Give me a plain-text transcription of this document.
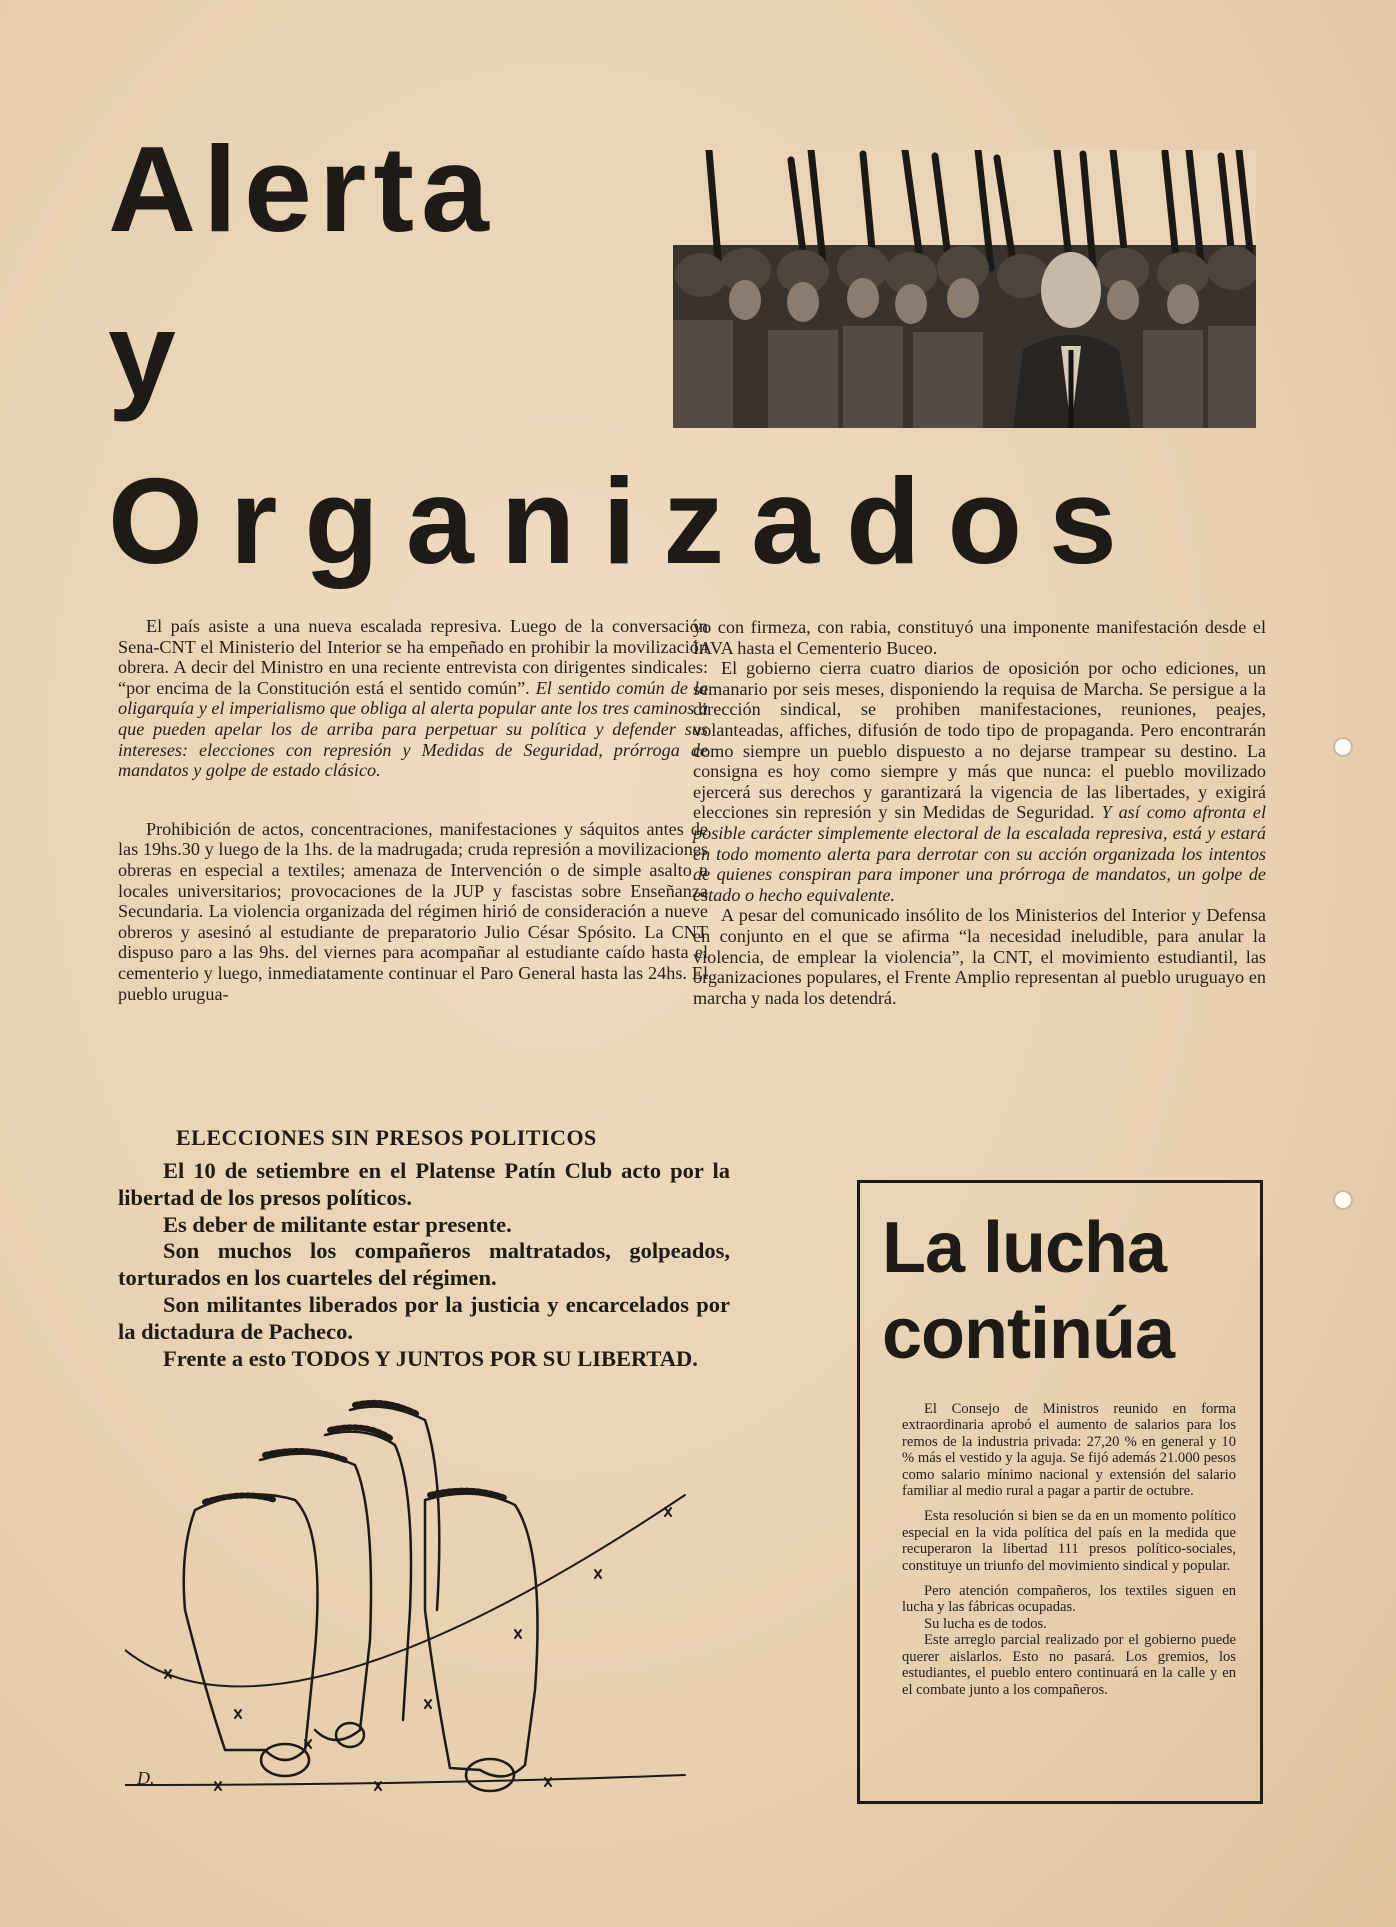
Alerta
y
Organizados

El país asiste a una nueva escalada represiva. Luego de la conversación Sena-CNT el Ministerio del Interior se ha empeñado en prohibir la movilización obrera. A decir del Ministro en una reciente entrevista con dirigentes sindicales: “por encima de la Constitución está el sentido común”. El sentido común de la oligarquía y el imperialismo que obliga al alerta popular ante los tres caminos a que pueden apelar los de arriba para perpetuar su política y defender sus intereses: elecciones con represión y Medidas de Seguridad, prórroga de mandatos y golpe de estado clásico.

Prohibición de actos, concentraciones, manifestaciones y sáquitos antes de las 19hs.30 y luego de la 1hs. de la madrugada; cruda represión a movilizaciones obreras en especial a textiles; amenaza de Intervención o de simple asalto a locales universitarios; provocaciones de la JUP y fascistas sobre Enseñanza Secundaria. La violencia organizada del régimen hirió de consideración a nueve obreros y asesinó al estudiante de preparatorio Julio César Spósito. La CNT dispuso paro a las 9hs. del viernes para acompañar al estudiante caído hasta el cementerio y luego, inmediatamente continuar el Paro General hasta las 24hs. El pueblo urugua-

yo con firmeza, con rabia, constituyó una imponente manifestación desde el IAVA hasta el Cementerio Buceo.

El gobierno cierra cuatro diarios de oposición por ocho ediciones, un semanario por seis meses, disponiendo la requisa de Marcha. Se persigue a la dirección sindical, se prohiben manifestaciones, reuniones, peajes, volanteadas, affiches, difusión de todo tipo de propaganda. Pero encontrarán como siempre un pueblo dispuesto a no dejarse trampear su destino. La consigna es hoy como siempre y más que nunca: el pueblo movilizado ejercerá sus derechos y garantizará la vigencia de las libertades, y exigirá elecciones sin represión y sin Medidas de Seguridad. Y así como afronta el posible carácter simplemente electoral de la escalada represiva, está y estará en todo momento alerta para derrotar con su acción organizada los intentos de quienes conspiran para imponer una prórroga de mandatos, un golpe de estado o hecho equivalente.

A pesar del comunicado insólito de los Ministerios del Interior y Defensa en conjunto en el que se afirma “la necesidad ineludible, para anular la violencia, de emplear la violencia”, la CNT, el movimiento estudiantil, las organizaciones populares, el Frente Amplio representan al pueblo uruguayo en marcha y nada los detendrá.

ELECCIONES SIN PRESOS POLITICOS

El 10 de setiembre en el Platense Patín Club acto por la libertad de los presos políticos.

Es deber de militante estar presente.

Son muchos los compañeros maltratados, golpeados, torturados en los cuarteles del régimen.

Son militantes liberados por la justicia y encarcelados por la dictadura de Pacheco.

Frente a esto TODOS Y JUNTOS POR SU LIBERTAD.

D.
La lucha continúa

El Consejo de Ministros reunido en forma extraordinaria aprobó el aumento de salarios para los remos de la industria privada: 27,20 % en general y 10 % más el vestido y la aguja. Se fijó además 21.000 pesos como salario mínimo nacional y extensión del salario familiar al medio rural a pagar a partir de octubre.

Esta resolución si bien se da en un momento político especial en la vida política del país en la medida que recuperaron la libertad 111 presos político-sociales, constituye un triunfo del movimiento sindical y popular.

Pero atención compañeros, los textiles siguen en lucha y las fábricas ocupadas.

Su lucha es de todos.

Este arreglo parcial realizado por el gobierno puede querer aislarlos. Esto no pasará. Los gremios, los estudiantes, el pueblo entero continuará en la calle y en el combate junto a los compañeros.
